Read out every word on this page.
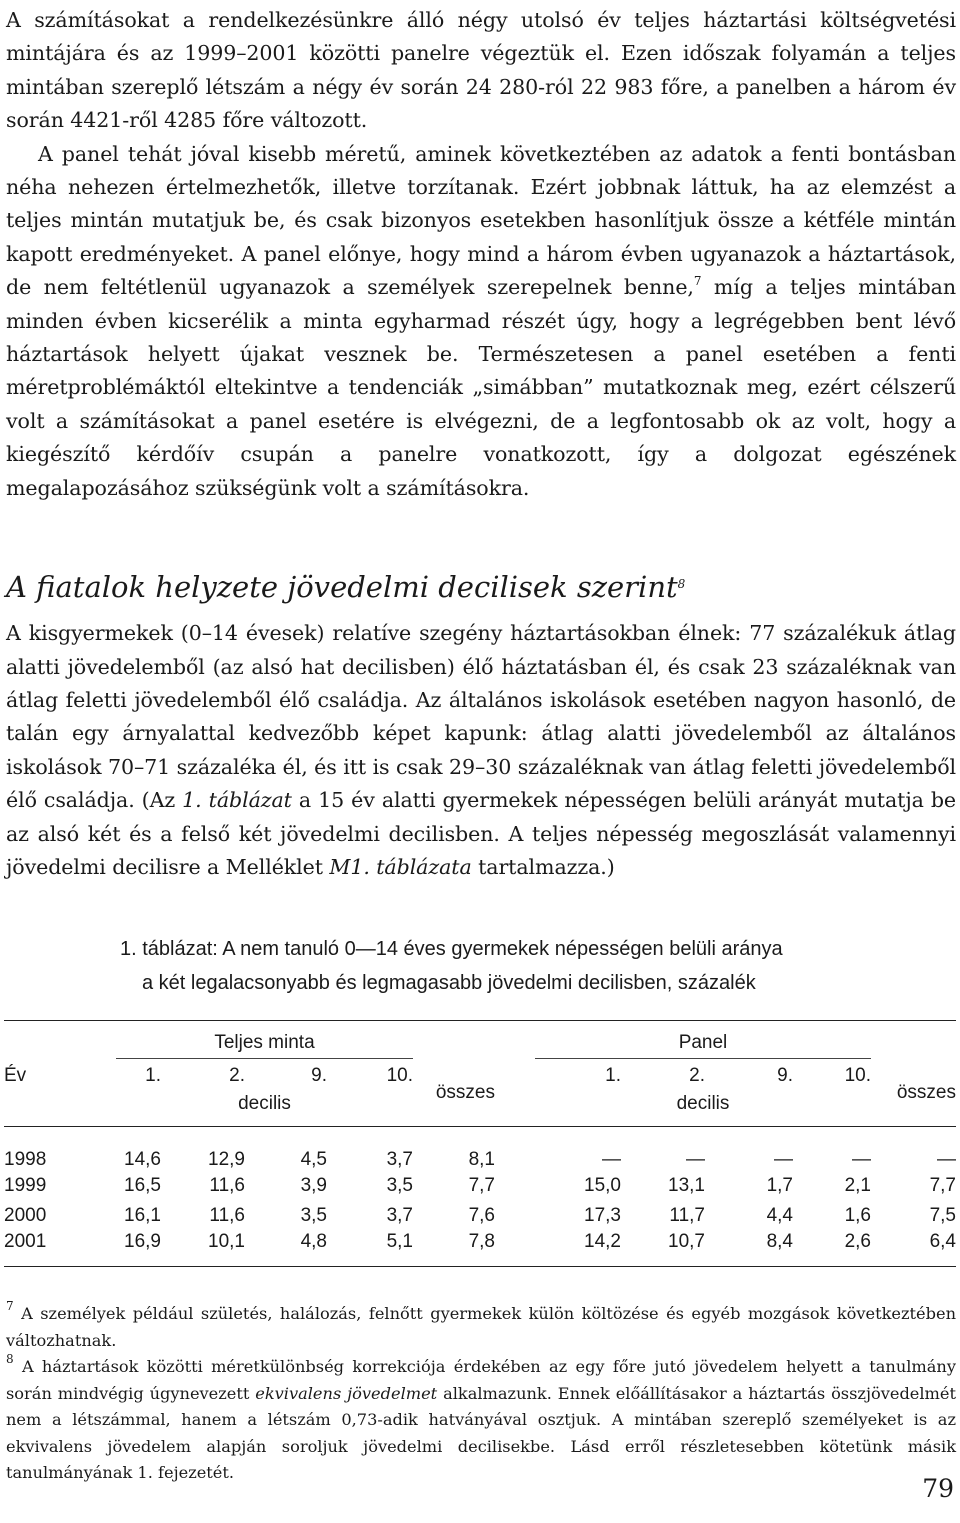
A számításokat a rendelkezésünkre álló négy utolsó év teljes háztartási költségvetési mintájára és az 1999–2001 közötti panelre végeztük el. Ezen időszak folyamán a teljes mintában szereplő létszám a négy év során 24 280-ról 22 983 főre, a panelben a három év során 4421-ről 4285 főre változott.

A panel tehát jóval kisebb méretű, aminek következtében az adatok a fenti bontásban néha nehezen értelmezhetők, illetve torzítanak. Ezért jobbnak láttuk, ha az elemzést a teljes mintán mutatjuk be, és csak bizonyos esetekben hasonlítjuk össze a kétféle mintán kapott eredményeket. A panel előnye, hogy mind a három évben ugyanazok a háztartások, de nem feltétlenül ugyanazok a személyek szerepelnek benne,$^7$ míg a teljes mintában minden évben kicserélik a minta egyharmad részét úgy, hogy a legrégebben bent lévő háztartások helyett újakat vesznek be. Természetesen a panel esetében a fenti méretproblémáktól eltekintve a tendenciák „simábban” mutatkoznak meg, ezért célszerű volt a számításokat a panel esetére is elvégezni, de a legfontosabb ok az volt, hogy a kiegészítő kérdőív csupán a panelre vonatkozott, így a dolgozat egészének megalapozásához szükségünk volt a számításokra.

A fiatalok helyzete jövedelmi decilisek szerint$^8$

A kisgyermekek (0–14 évesek) relatíve szegény háztartásokban élnek: 77 százalékuk átlag alatti jövedelemből (az alsó hat decilisben) élő háztatásban él, és csak 23 százaléknak van átlag feletti jövedelemből élő családja. Az általános iskolások esetében nagyon hasonló, de talán egy árnyalattal kedvezőbb képet kapunk: átlag alatti jövedelemből az általános iskolások 70–71 százaléka él, és itt is csak 29–30 százaléknak van átlag feletti jövedelemből élő családja. (Az 1. táblázat a 15 év alatti gyermekek népességen belüli arányát mutatja be az alsó két és a felső két jövedelmi decilisben. A teljes népesség megoszlását valamennyi jövedelmi decilisre a Melléklet M1. táblázata tartalmazza.)

1. táblázat: A nem tanuló 0—14 éves gyermekek népességen belüli aránya
a két legalacsonyabb és legmagasabb jövedelmi decilisben, százalék
	Teljes minta						Panel				
Év	1.	2.	9.	10.	összes		1.	2.	9.	10.	összes
	decilis						decilis				
1998	14,6	12,9	4,5	3,7	8,1		—	—	—	—	—
1999	16,5	11,6	3,9	3,5	7,7		15,0	13,1	1,7	2,1	7,7
2000	16,1	11,6	3,5	3,7	7,6		17,3	11,7	4,4	1,6	7,5
2001	16,9	10,1	4,8	5,1	7,8		14,2	10,7	8,4	2,6	6,4

$^7$ A személyek például születés, halálozás, felnőtt gyermekek külön költözése és egyéb mozgások következtében változhatnak.

$^8$ A háztartások közötti méretkülönbség korrekciója érdekében az egy főre jutó jövedelem helyett a tanulmány során mindvégig úgynevezett ekvivalens jövedelmet alkalmazunk. Ennek előállításakor a háztartás összjövedelmét nem a létszámmal, hanem a létszám 0,73-adik hatványával osztjuk. A mintában szereplő személyeket is az ekvivalens jövedelem alapján soroljuk jövedelmi decilisekbe. Lásd erről részletesebben kötetünk másik tanulmányának 1. fejezetét.

79
